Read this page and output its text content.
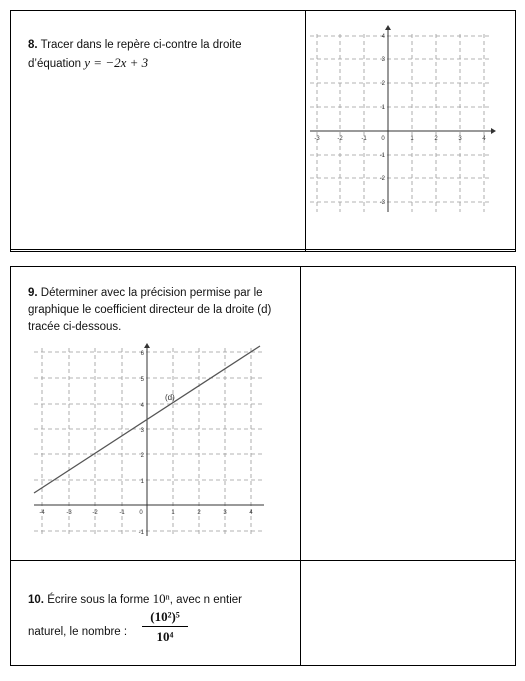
8. Tracer dans le repère ci-contre la droite
d’équation y = −2x + 3
-3	-2	-1 0	1	2	3	4
4
3
2
1
-1
-2
-3
9. Déterminer avec la précision permise par le
graphique le coefficient directeur de la droite (d)
tracée ci-dessous.
(d)
-4	-3	-2	-1 0	1	2	3	4
6
5
4
3
2
1
-1
10. Écrire sous la forme 10ⁿ, avec n entier
naturel, le nombre :
(10²)⁵
10⁴
